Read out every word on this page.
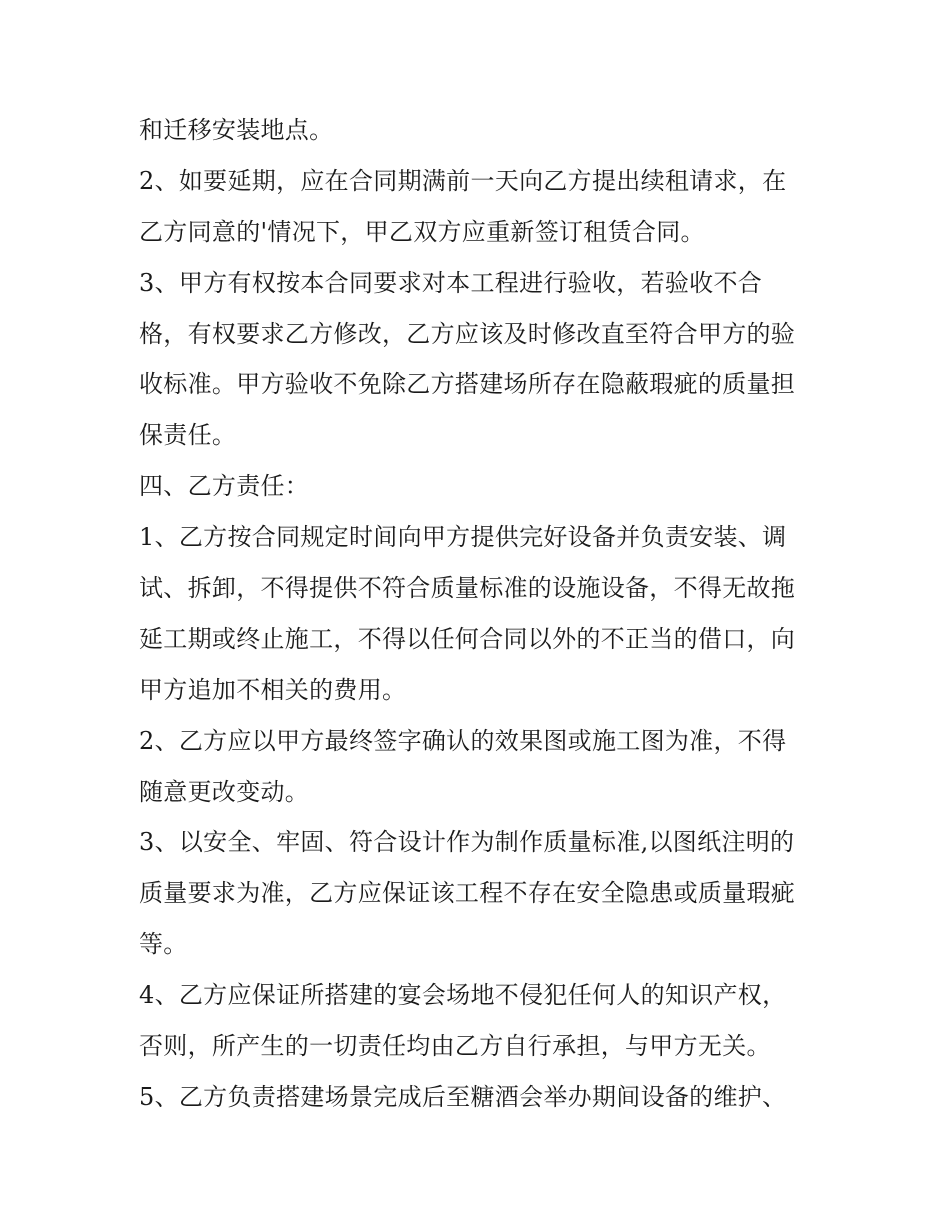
和迁移安装地点。
2、如要延期，应在合同期满前一天向乙方提出续租请求，在
乙方同意的'情况下，甲乙双方应重新签订租赁合同。
3、甲方有权按本合同要求对本工程进行验收，若验收不合
格，有权要求乙方修改，乙方应该及时修改直至符合甲方的验
收标准。甲方验收不免除乙方搭建场所存在隐蔽瑕疵的质量担
保责任。
四、乙方责任：
1、乙方按合同规定时间向甲方提供完好设备并负责安装、调
试、拆卸，不得提供不符合质量标准的设施设备，不得无故拖
延工期或终止施工，不得以任何合同以外的不正当的借口，向
甲方追加不相关的费用。
2、乙方应以甲方最终签字确认的效果图或施工图为准，不得
随意更改变动。
3、以安全、牢固、符合设计作为制作质量标准,以图纸注明的
质量要求为准，乙方应保证该工程不存在安全隐患或质量瑕疵
等。
4、乙方应保证所搭建的宴会场地不侵犯任何人的知识产权，
否则，所产生的一切责任均由乙方自行承担，与甲方无关。
5、乙方负责搭建场景完成后至糖酒会举办期间设备的维护、
